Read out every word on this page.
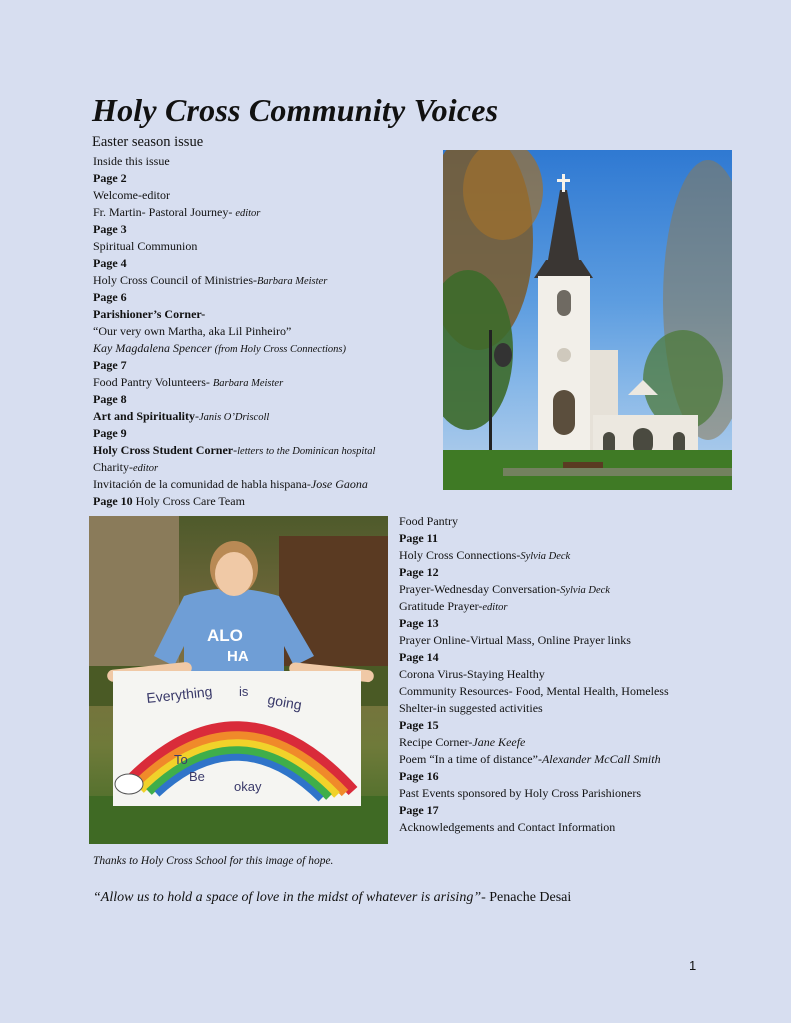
Holy Cross Community Voices
Easter season issue
Inside this issue
Page 2
Welcome-editor
Fr. Martin- Pastoral Journey- editor
Page 3
Spiritual Communion
Page 4
Holy Cross Council of Ministries-Barbara Meister
Page 6
Parishioner’s Corner-
“Our very own Martha, aka Lil Pinheiro”
Kay Magdalena Spencer (from Holy Cross Connections)
Page 7
Food Pantry Volunteers- Barbara Meister
Page 8
Art and Spirituality-Janis O’Driscoll
Page 9
Holy Cross Student Corner-letters to the Dominican hospital
Charity-editor
Invitación de la comunidad de habla hispana-Jose Gaona
Page 10 Holy Cross Care Team
ALO
HA
Everything is going
To
Be
okay
Food Pantry
Page 11
Holy Cross Connections-Sylvia Deck
Page 12
Prayer-Wednesday Conversation-Sylvia Deck
Gratitude Prayer-editor
Page 13
Prayer Online-Virtual Mass, Online Prayer links
Page 14
Corona Virus-Staying Healthy
Community Resources- Food, Mental Health, Homeless
Shelter-in suggested activities
Page 15
Recipe Corner-Jane Keefe
Poem “In a time of distance”-Alexander McCall Smith
Page 16
Past Events sponsored by Holy Cross Parishioners
Page 17
Acknowledgements and Contact Information
Thanks to Holy Cross School for this image of hope.
“Allow us to hold a space of love in the midst of whatever is arising”- Penache Desai
1
